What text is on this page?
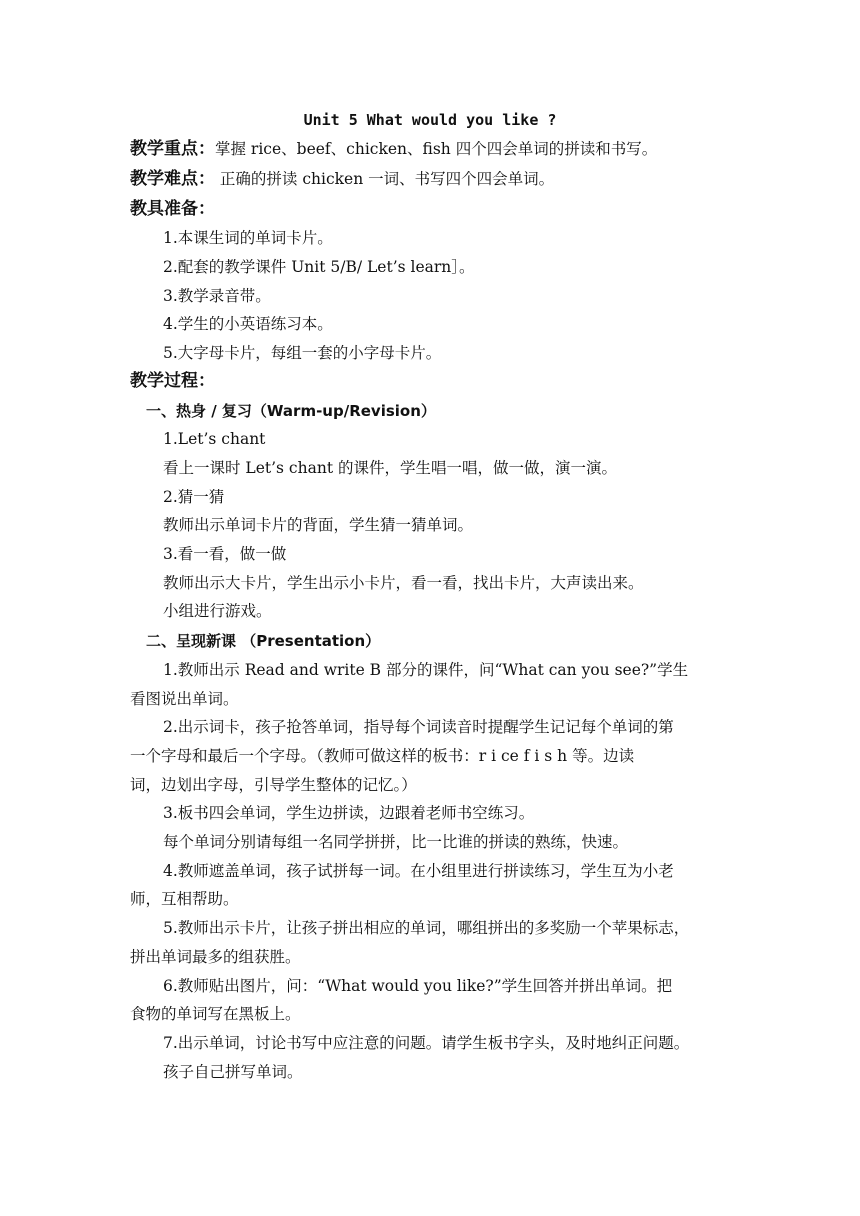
Unit 5 What would you like ?
教学重点：掌握 rice、beef、chicken、fish 四个四会单词的拼读和书写。
教学难点： 正确的拼读 chicken 一词、书写四个四会单词。
教具准备：
1.本课生词的单词卡片。
2.配套的教学课件 Unit 5/B/ Let’s learn］。
3.教学录音带。
4.学生的小英语练习本。
5.大字母卡片，每组一套的小字母卡片。
教学过程：
一、热身 / 复习（Warm-up/Revision）
1.Let’s chant
看上一课时 Let’s chant 的课件，学生唱一唱，做一做，演一演。
2.猜一猜
教师出示单词卡片的背面，学生猜一猜单词。
3.看一看，做一做
教师出示大卡片，学生出示小卡片，看一看，找出卡片，大声读出来。
小组进行游戏。
二、呈现新课 （Presentation）
1.教师出示 Read and write B 部分的课件，问“What can you see?”学生
看图说出单词。
2.出示词卡，孩子抢答单词，指导每个词读音时提醒学生记记每个单词的第
一个字母和最后一个字母。（教师可做这样的板书：r i ce f i s h 等。边读
词，边划出字母，引导学生整体的记忆。）
3.板书四会单词，学生边拼读，边跟着老师书空练习。
每个单词分别请每组一名同学拼拼，比一比谁的拼读的熟练，快速。
4.教师遮盖单词，孩子试拼每一词。在小组里进行拼读练习，学生互为小老
师，互相帮助。
5.教师出示卡片，让孩子拼出相应的单词，哪组拼出的多奖励一个苹果标志，
拼出单词最多的组获胜。
6.教师贴出图片，问：“What would you like?”学生回答并拼出单词。把
食物的单词写在黑板上。
7.出示单词，讨论书写中应注意的问题。请学生板书字头，及时地纠正问题。
孩子自己拼写单词。
